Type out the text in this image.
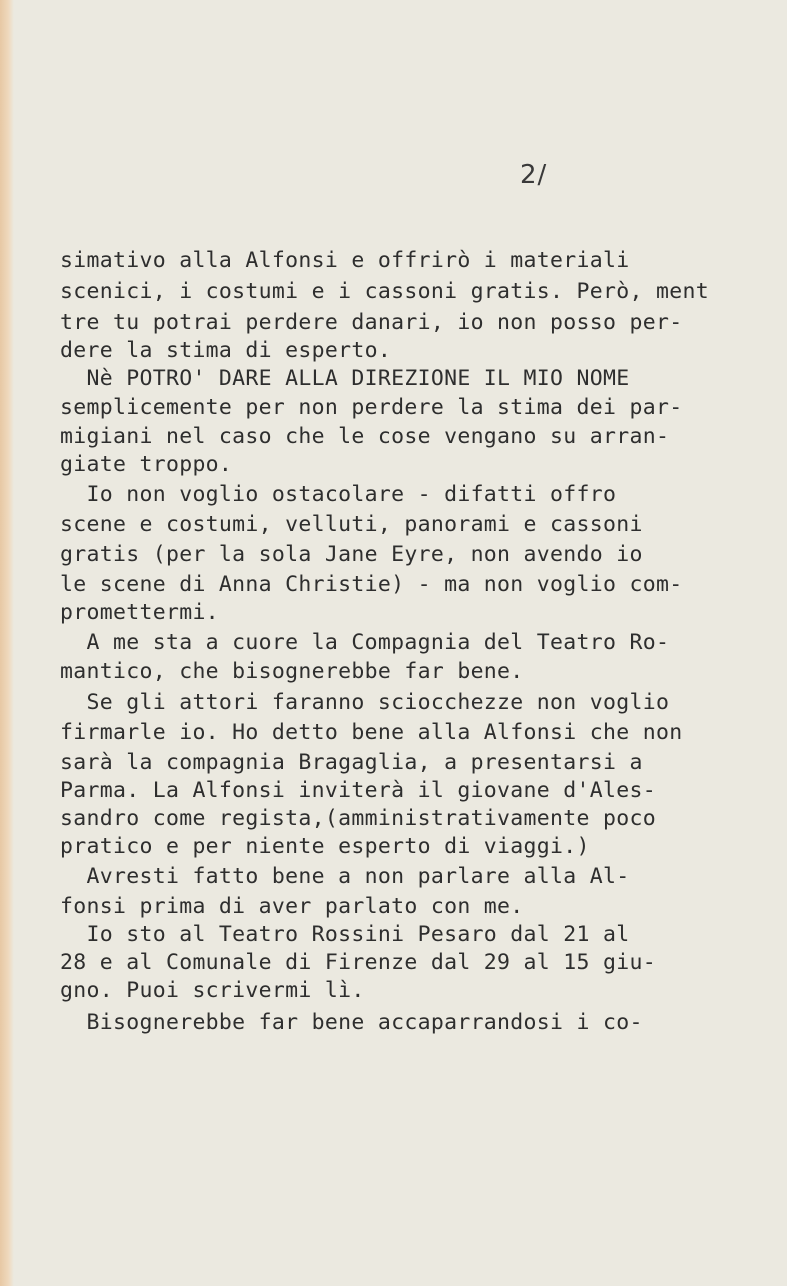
2/
simativo alla Alfonsi e offrirò i materiali
scenici, i costumi e i cassoni gratis. Però, ment
tre tu potrai perdere danari, io non posso per-
dere la stima di esperto.
Nè POTRO' DARE ALLA DIREZIONE IL MIO NOME
semplicemente per non perdere la stima dei par-
migiani nel caso che le cose vengano su arran-
giate troppo.
Io non voglio ostacolare - difatti offro
scene e costumi, velluti, panorami e cassoni
gratis (per la sola Jane Eyre, non avendo io
le scene di Anna Christie) - ma non voglio com-
promettermi.
A me sta a cuore la Compagnia del Teatro Ro-
mantico, che bisognerebbe far bene.
Se gli attori faranno sciocchezze non voglio
firmarle io. Ho detto bene alla Alfonsi che non
sarà la compagnia Bragaglia, a presentarsi a
Parma. La Alfonsi inviterà il giovane d'Ales-
sandro come regista,(amministrativamente poco
pratico e per niente esperto di viaggi.)
Avresti fatto bene a non parlare alla Al-
fonsi prima di aver parlato con me.
Io sto al Teatro Rossini Pesaro dal 21 al
28 e al Comunale di Firenze dal 29 al 15 giu-
gno. Puoi scrivermi lì.
Bisognerebbe far bene accaparrandosi i co-
